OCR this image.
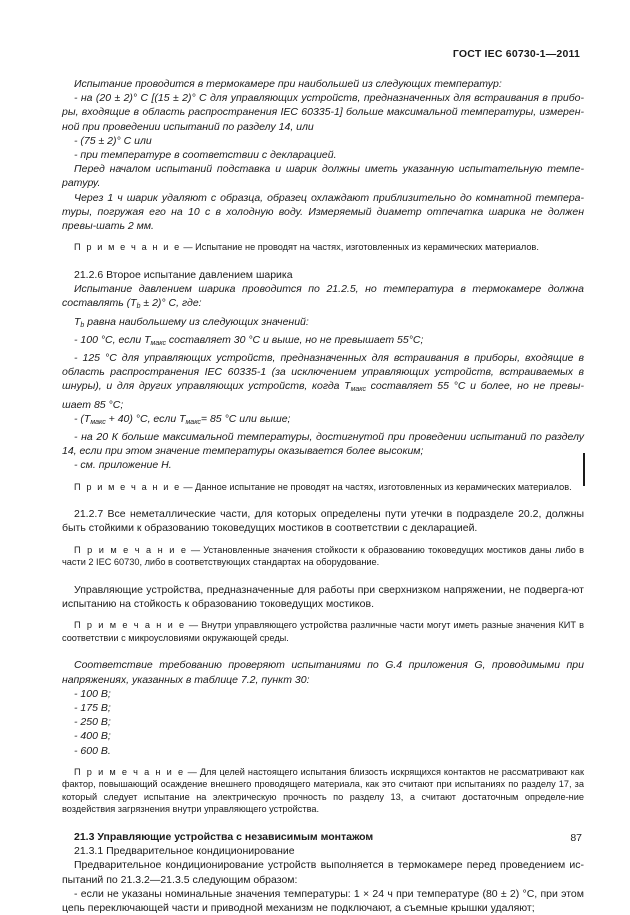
ГОСТ IEC 60730-1—2011

Испытание проводится в термокамере при наибольшей из следующих температур:

- на (20 ± 2)° С [(15 ± 2)° С для управляющих устройств, предназначенных для встраивания в прибо-ры, входящие в область распространения IEC 60335-1] больше максимальной температуры, измерен-ной при проведении испытаний по разделу 14, или

- (75 ± 2)° С или

- при температуре в соответствии с декларацией.

Перед началом испытаний подставка и шарик должны иметь указанную испытательную темпе-ратуру.

Через 1 ч шарик удаляют с образца, образец охлаждают приблизительно до комнатной темпера-туры, погружая его на 10 с в холодную воду. Измеряемый диаметр отпечатка шарика не должен превы-шать 2 мм.

П р и м е ч а н и е — Испытание не проводят на частях, изготовленных из керамических материалов.

21.2.6 Второе испытание давлением шарика

Испытание давлением шарика проводится по 21.2.5, но температура в термокамере должна составлять $(T_b \pm 2)^\circ$ С, где:

$T_b$ равна наибольшему из следующих значений:

- 100 °С, если $T_{макс}$ составляет 30 °С и выше, но не превышает 55°С;

- 125 °С для управляющих устройств, предназначенных для встраивания в приборы, входящие в область распространения IEC 60335-1 (за исключением управляющих устройств, встраиваемых в шнуры), и для других управляющих устройств, когда $T_{макс}$ составляет 55 °С и более, но не превы-шает 85 °С;

- $(T_{макс} + 40)$ °С, если $T_{макс}= 85$ °С или выше;

- на 20 К больше максимальной температуры, достигнутой при проведении испытаний по разделу 14, если при этом значение температуры оказывается более высоким;

- см. приложение Н.

П р и м е ч а н и е — Данное испытание не проводят на частях, изготовленных из керамических материалов.

21.2.7 Все неметаллические части, для которых определены пути утечки в подразделе 20.2, должны быть стойкими к образованию токоведущих мостиков в соответствии с декларацией.

П р и м е ч а н и е — Установленные значения стойкости к образованию токоведущих мостиков даны либо в части 2 IEC 60730, либо в соответствующих стандартах на оборудование.

Управляющие устройства, предназначенные для работы при сверхнизком напряжении, не подверга-ют испытанию на стойкость к образованию токоведущих мостиков.

П р и м е ч а н и е — Внутри управляющего устройства различные части могут иметь разные значения КИТ в соответствии с микроусловиями окружающей среды.

Соответствие требованию проверяют испытаниями по G.4 приложения G, проводимыми при напряжениях, указанных в таблице 7.2, пункт 30:

- 100 В;

- 175 В;

- 250 В;

- 400 В;

- 600 В.

П р и м е ч а н и е — Для целей настоящего испытания близость искрящихся контактов не рассматривают как фактор, повышающий осаждение внешнего проводящего материала, как это считают при испытаниях по разделу 17, за который следует испытание на электрическую прочность по разделу 13, а считают достаточным определе-ние воздействия загрязнения внутри управляющего устройства.

21.3 Управляющие устройства с независимым монтажом

21.3.1 Предварительное кондиционирование

Предварительное кондиционирование устройств выполняется в термокамере перед проведением ис-пытаний по 21.3.2—21.3.5 следующим образом:

- если не указаны номинальные значения температуры: 1 × 24 ч при температуре (80 ± 2) °С, при этом цепь переключающей части и приводной механизм не подключают, а съемные крышки удаляют;

87
